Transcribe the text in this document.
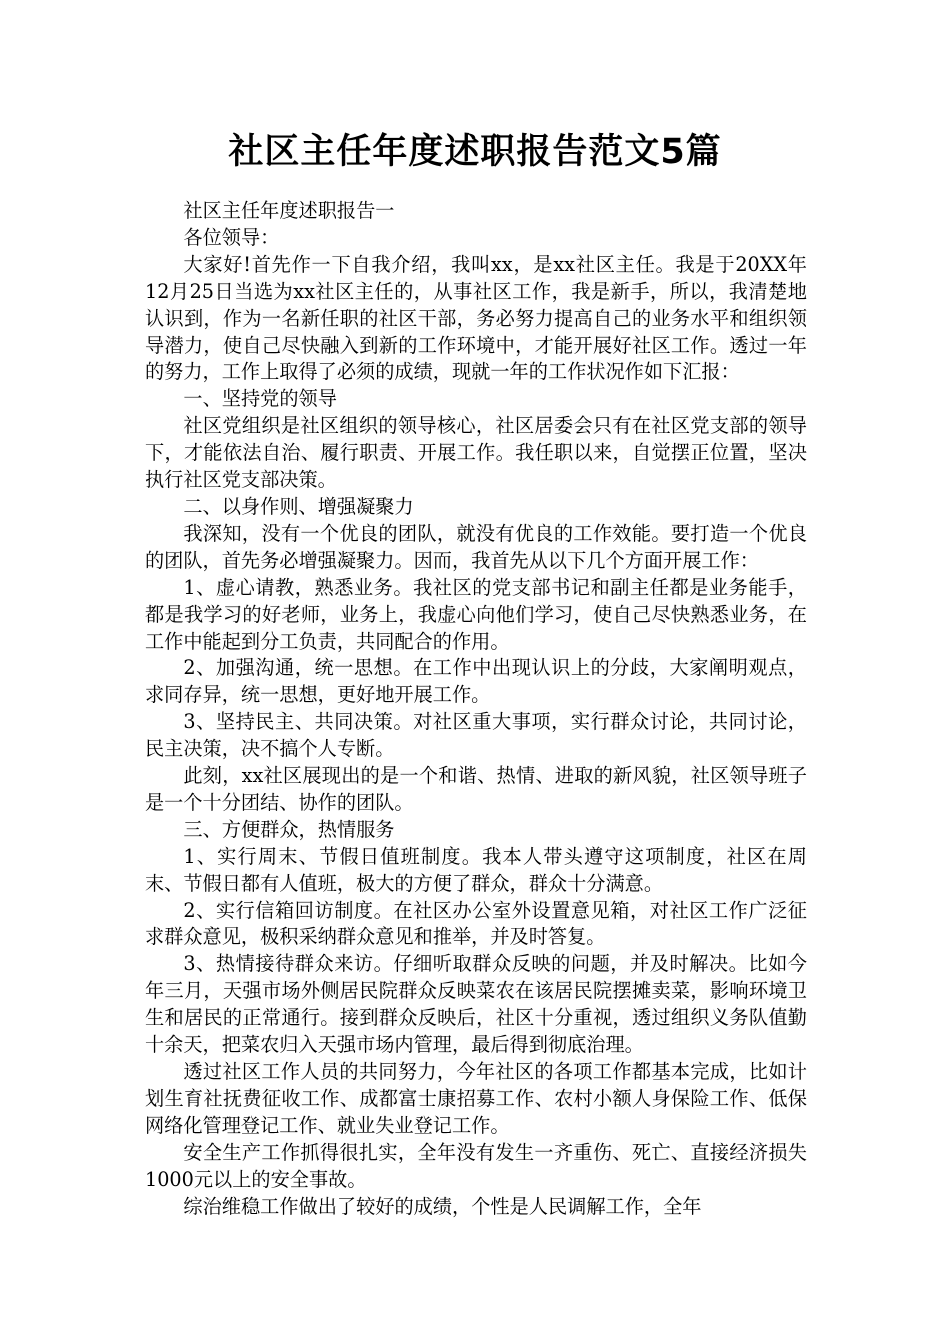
社区主任年度述职报告范文5篇

社区主任年度述职报告一

各位领导：

大家好!首先作一下自我介绍，我叫xx，是xx社区主任。我是于20XX年12月25日当选为xx社区主任的，从事社区工作，我是新手，所以，我清楚地认识到，作为一名新任职的社区干部，务必努力提高自己的业务水平和组织领导潜力，使自己尽快融入到新的工作环境中，才能开展好社区工作。透过一年的努力，工作上取得了必须的成绩，现就一年的工作状况作如下汇报：

一、坚持党的领导

社区党组织是社区组织的领导核心，社区居委会只有在社区党支部的领导下，才能依法自治、履行职责、开展工作。我任职以来，自觉摆正位置，坚决执行社区党支部决策。

二、以身作则、增强凝聚力

我深知，没有一个优良的团队，就没有优良的工作效能。要打造一个优良的团队，首先务必增强凝聚力。因而，我首先从以下几个方面开展工作：

1、虚心请教，熟悉业务。我社区的党支部书记和副主任都是业务能手，都是我学习的好老师，业务上，我虚心向他们学习，使自己尽快熟悉业务，在工作中能起到分工负责，共同配合的作用。

2、加强沟通，统一思想。在工作中出现认识上的分歧，大家阐明观点，求同存异，统一思想，更好地开展工作。

3、坚持民主、共同决策。对社区重大事项，实行群众讨论，共同讨论，民主决策，决不搞个人专断。

此刻，xx社区展现出的是一个和谐、热情、进取的新风貌，社区领导班子是一个十分团结、协作的团队。

三、方便群众，热情服务

1、实行周末、节假日值班制度。我本人带头遵守这项制度，社区在周末、节假日都有人值班，极大的方便了群众，群众十分满意。

2、实行信箱回访制度。在社区办公室外设置意见箱，对社区工作广泛征求群众意见，极积采纳群众意见和推举，并及时答复。

3、热情接待群众来访。仔细听取群众反映的问题，并及时解决。比如今年三月，天强市场外侧居民院群众反映菜农在该居民院摆摊卖菜，影响环境卫生和居民的正常通行。接到群众反映后，社区十分重视，透过组织义务队值勤十余天，把菜农归入天强市场内管理，最后得到彻底治理。

透过社区工作人员的共同努力，今年社区的各项工作都基本完成，比如计划生育社抚费征收工作、成都富士康招募工作、农村小额人身保险工作、低保网络化管理登记工作、就业失业登记工作。

安全生产工作抓得很扎实，全年没有发生一齐重伤、死亡、直接经济损失1000元以上的安全事故。

综治维稳工作做出了较好的成绩，个性是人民调解工作，全年
